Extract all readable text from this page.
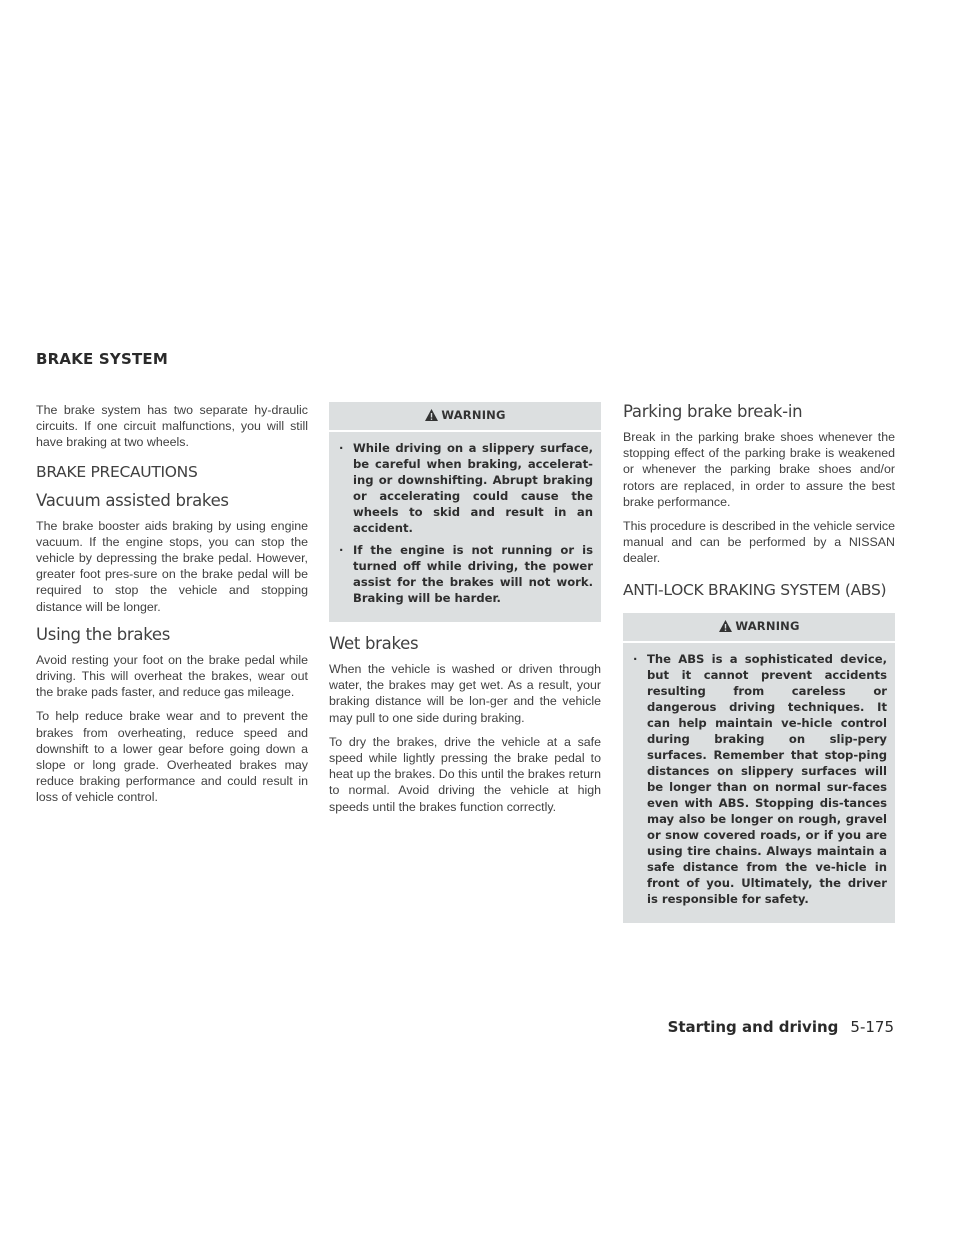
BRAKE SYSTEM

The brake system has two separate hy-draulic circuits. If one circuit malfunctions, you will still have braking at two wheels.

BRAKE PRECAUTIONS
Vacuum assisted brakes

The brake booster aids braking by using engine vacuum. If the engine stops, you can stop the vehicle by depressing the brake pedal. However, greater foot pres-sure on the brake pedal will be required to stop the vehicle and stopping distance will be longer.

Using the brakes

Avoid resting your foot on the brake pedal while driving. This will overheat the brakes, wear out the brake pads faster, and reduce gas mileage.

To help reduce brake wear and to prevent the brakes from overheating, reduce speed and downshift to a lower gear before going down a slope or long grade. Overheated brakes may reduce braking performance and could result in loss of vehicle control.

WARNING
· While driving on a slippery surface, be careful when braking, accelerat-ing or downshifting. Abrupt braking or accelerating could cause the wheels to skid and result in an accident.
· If the engine is not running or is turned off while driving, the power assist for the brakes will not work. Braking will be harder.
Wet brakes

When the vehicle is washed or driven through water, the brakes may get wet. As a result, your braking distance will be lon-ger and the vehicle may pull to one side during braking.

To dry the brakes, drive the vehicle at a safe speed while lightly pressing the brake pedal to heat up the brakes. Do this until the brakes return to normal. Avoid driving the vehicle at high speeds until the brakes function correctly.

Parking brake break-in

Break in the parking brake shoes whenever the stopping effect of the parking brake is weakened or whenever the parking brake shoes and/or rotors are replaced, in order to assure the best brake performance.

This procedure is described in the vehicle service manual and can be performed by a NISSAN dealer.

ANTI-LOCK BRAKING SYSTEM (ABS)
WARNING
· The ABS is a sophisticated device, but it cannot prevent accidents resulting from careless or dangerous driving techniques. It can help maintain ve-hicle control during braking on slip-pery surfaces. Remember that stop-ping distances on slippery surfaces will be longer than on normal sur-faces even with ABS. Stopping dis-tances may also be longer on rough, gravel or snow covered roads, or if you are using tire chains. Always maintain a safe distance from the ve-hicle in front of you. Ultimately, the driver is responsible for safety.
Starting and driving 5-175
